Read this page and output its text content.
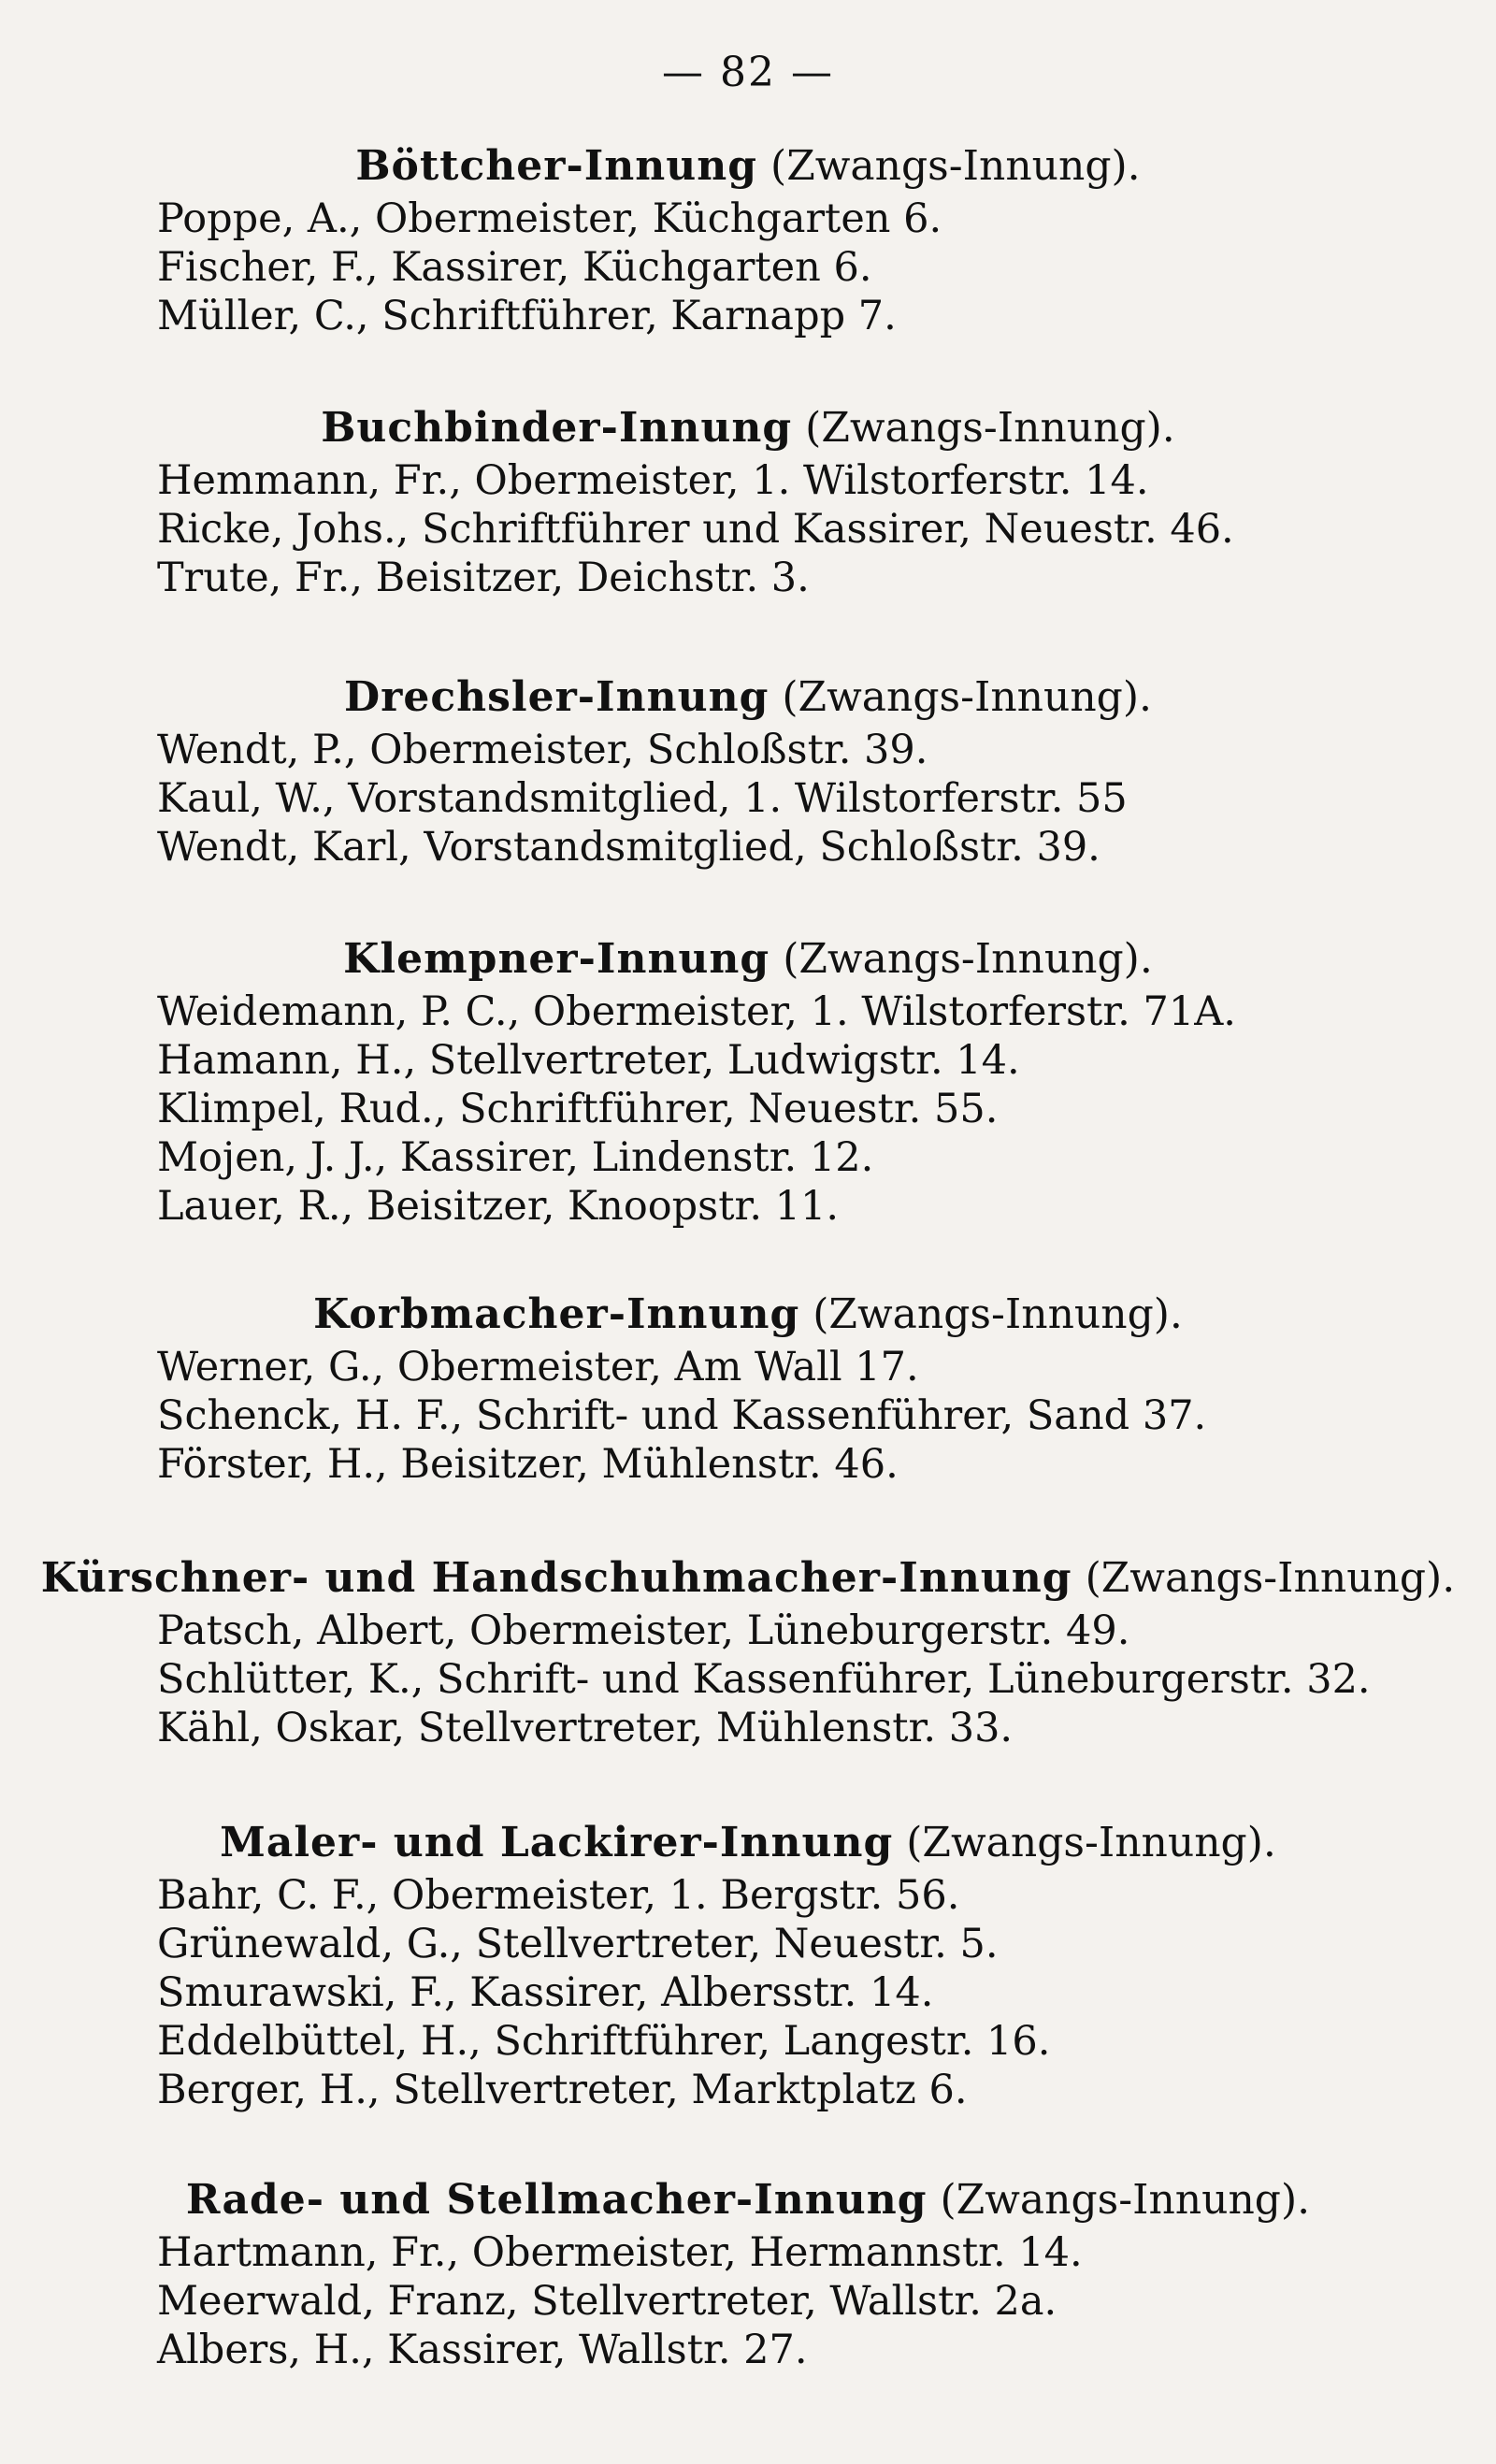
— 82 —
Böttcher-Innung (Zwangs-Innung).
Poppe, A., Obermeister, Küchgarten 6.
Fischer, F., Kassirer, Küchgarten 6.
Müller, C., Schriftführer, Karnapp 7.
Buchbinder-Innung (Zwangs-Innung).
Hemmann, Fr., Obermeister, 1. Wilstorferstr. 14.
Ricke, Johs., Schriftführer und Kassirer, Neuestr. 46.
Trute, Fr., Beisitzer, Deichstr. 3.
Drechsler-Innung (Zwangs-Innung).
Wendt, P., Obermeister, Schloßstr. 39.
Kaul, W., Vorstandsmitglied, 1. Wilstorferstr. 55
Wendt, Karl, Vorstandsmitglied, Schloßstr. 39.
Klempner-Innung (Zwangs-Innung).
Weidemann, P. C., Obermeister, 1. Wilstorferstr. 71A.
Hamann, H., Stellvertreter, Ludwigstr. 14.
Klimpel, Rud., Schriftführer, Neuestr. 55.
Mojen, J. J., Kassirer, Lindenstr. 12.
Lauer, R., Beisitzer, Knoopstr. 11.
Korbmacher-Innung (Zwangs-Innung).
Werner, G., Obermeister, Am Wall 17.
Schenck, H. F., Schrift- und Kassenführer, Sand 37.
Förster, H., Beisitzer, Mühlenstr. 46.
Kürschner- und Handschuhmacher-Innung (Zwangs-Innung).
Patsch, Albert, Obermeister, Lüneburgerstr. 49.
Schlütter, K., Schrift- und Kassenführer, Lüneburgerstr. 32.
Kähl, Oskar, Stellvertreter, Mühlenstr. 33.
Maler- und Lackirer-Innung (Zwangs-Innung).
Bahr, C. F., Obermeister, 1. Bergstr. 56.
Grünewald, G., Stellvertreter, Neuestr. 5.
Smurawski, F., Kassirer, Albersstr. 14.
Eddelbüttel, H., Schriftführer, Langestr. 16.
Berger, H., Stellvertreter, Marktplatz 6.
Rade- und Stellmacher-Innung (Zwangs-Innung).
Hartmann, Fr., Obermeister, Hermannstr. 14.
Meerwald, Franz, Stellvertreter, Wallstr. 2a.
Albers, H., Kassirer, Wallstr. 27.
